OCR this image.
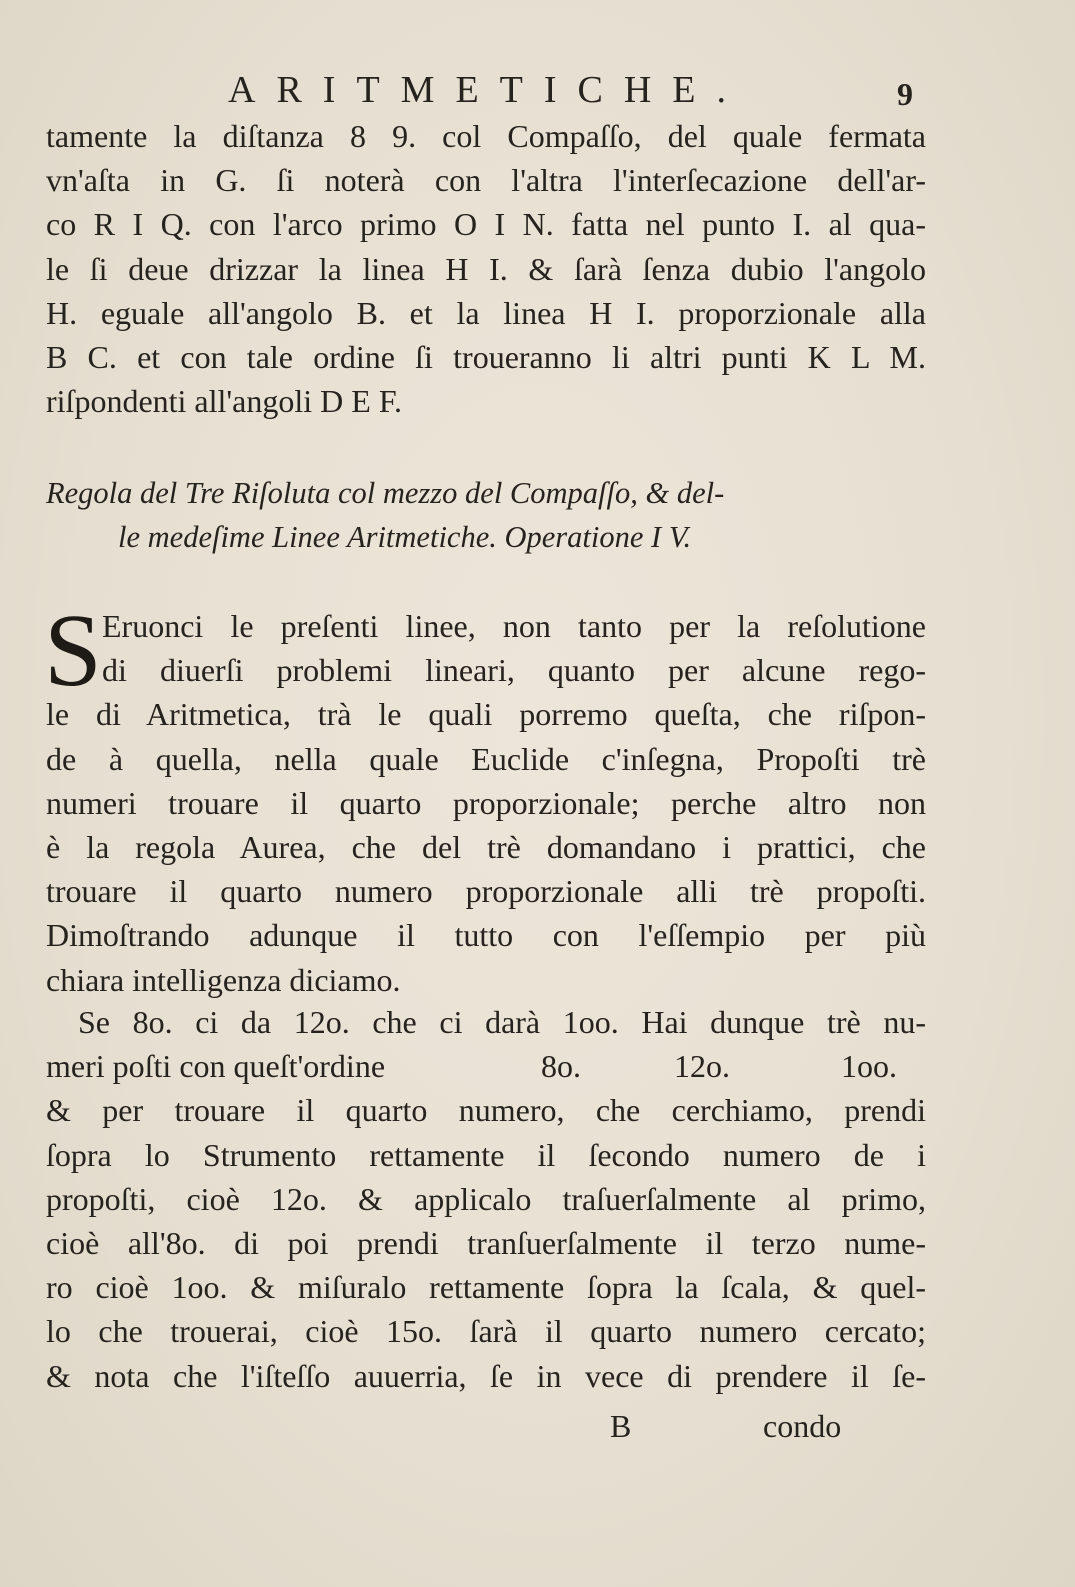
ARITMETICHE.	9
tamente la diſtanza 8 9. col Compaſſo, del quale fermata
vn'aſta in G. ſi noterà con l'altra l'interſecazione dell'ar-
co R I Q. con l'arco primo O I N. fatta nel punto I. al qua-
le ſi deue drizzar la linea H I. & ſarà ſenza dubio l'angolo
H. eguale all'angolo B. et la linea H I. proporzionale alla
B C. et con tale ordine ſi troueranno li altri punti K L M.
riſpondenti all'angoli D E F.
Regola del Tre Riſoluta col mezzo del Compaſſo, & del-
le medeſime Linee Aritmetiche. Operatione I V.
S Eruonci le preſenti linee, non tanto per la reſolutione
di diuerſi problemi lineari, quanto per alcune rego-
le di Aritmetica, trà le quali porremo queſta, che riſpon-
de à quella, nella quale Euclide c'inſegna, Propoſti trè
numeri trouare il quarto proporzionale; perche altro non
è la regola Aurea, che del trè domandano i prattici, che
trouare il quarto numero proporzionale alli trè propoſti.
Dimoſtrando adunque il tutto con l'eſſempio per più
chiara intelligenza diciamo.
Se 8o. ci da 12o. che ci darà 1oo. Hai dunque trè nu-
meri poſti con queſt'ordine	8o.	12o.	1oo.
& per trouare il quarto numero, che cerchiamo, prendi
ſopra lo Strumento rettamente il ſecondo numero de i
propoſti, cioè 12o. & applicalo traſuerſalmente al primo,
cioè all'8o. di poi prendi tranſuerſalmente il terzo nume-
ro cioè 1oo. & miſuralo rettamente ſopra la ſcala, & quel-
lo che trouerai, cioè 15o. ſarà il quarto numero cercato;
& nota che l'iſteſſo auuerria, ſe in vece di prendere il ſe-
B	condo
